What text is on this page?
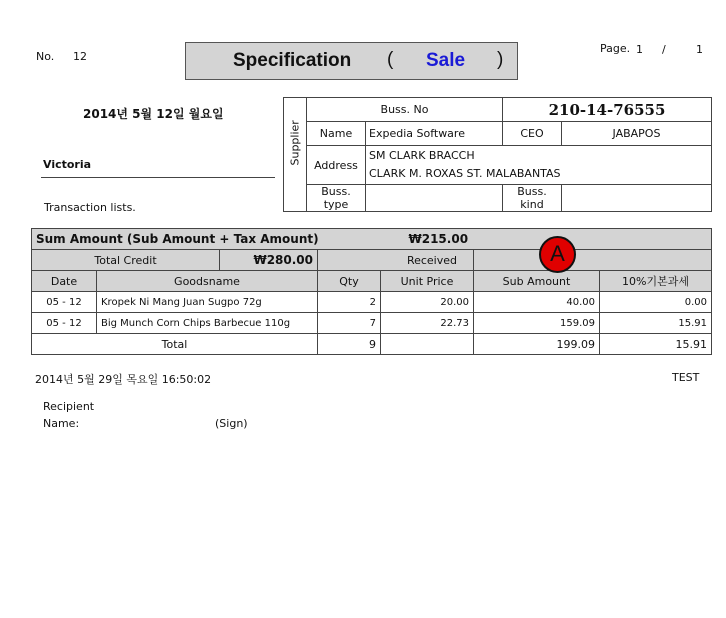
No. 12	Specification ( Sale )
Page. 1 /	1
2014년 5월 12일 월요일
Victoria
Transaction lists.
Supplier	Buss. No		210-14-76555	
	Name	Expedia Software	CEO	JABAPOS
	Address	SM CLARK BRACCH
CLARK M. ROXAS ST. MALABANTAS		

	Buss. type		Buss. kind	
Sum Amount (Sub Amount + Tax Amount)			₩215.00		

Total Credit ₩280.00		Received			
Date	Goodsname	Qty	Unit Price	Sub Amount	10%기본과세
05 - 12	Kropek Ni Mang Juan Sugpo 72g	2	20.00	40.00	0.00
05 - 12	Big Munch Corn Chips Barbecue 110g	7	22.73	159.09	15.91
Total		9		199.09	15.91
A
2014년 5월 29일 목요일 16:50:02	TEST
Recipient
Name:	(Sign)
